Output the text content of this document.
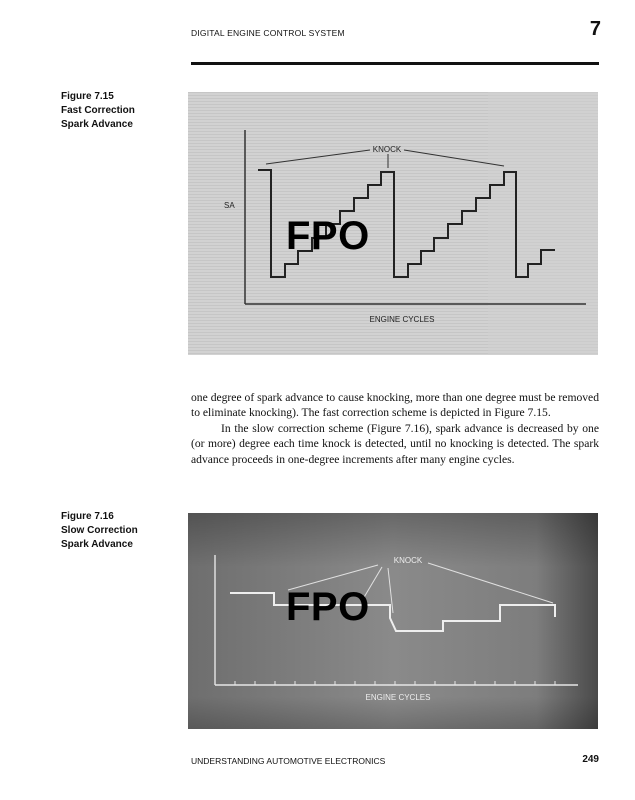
DIGITAL ENGINE CONTROL SYSTEM	7
Figure 7.15
Fast Correction
Spark Advance
KNOCK
SA
ENGINE CYCLES
FPO

one degree of spark advance to cause knocking, more than one degree must be removed to eliminate knocking). The fast correction scheme is depicted in Figure 7.15.

In the slow correction scheme (Figure 7.16), spark advance is decreased by one (or more) degree each time knock is detected, until no knocking is detected. The spark advance proceeds in one-degree increments after many engine cycles.

Figure 7.16
Slow Correction
Spark Advance
KNOCK
ENGINE CYCLES
FPO
UNDERSTANDING AUTOMOTIVE ELECTRONICS	249
